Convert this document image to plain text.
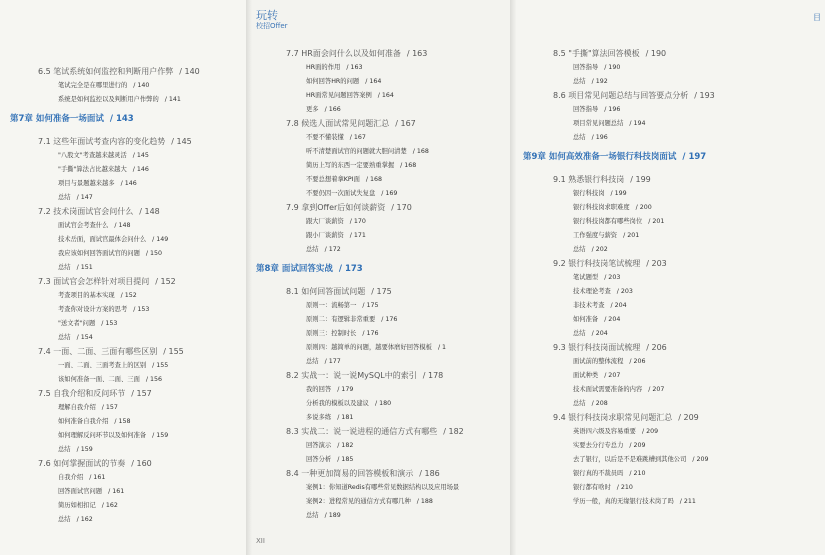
6.5 笔试系统如何监控和判断用户作弊 / 140
笔试完全是在哪里进行的 / 140
系统是如何监控以及判断用户作弊的 / 141
第7章 如何准备一场面试 / 143
7.1 这些年面试考查内容的变化趋势 / 145
"八股文"考查越来越灵活 / 145
"手撕"算法占比越来越大 / 146
项目与景题越来越多 / 146
总结 / 147
7.2 技术岗面试官会问什么 / 148
面试官会考查什么 / 148
技术岳面，面试官最体会问什么 / 149
我应该如何回答面试官的问题 / 150
总结 / 151
7.3 面试官会怎样针对项目提问 / 152
考查项目的基本实现 / 152
考查你对设计方案的思考 / 153
"送文者"问题 / 153
总结 / 154
7.4 一面、二面、三面有哪些区别 / 155
一面、二面、三面考查上的区别 / 155
该如何准备一面、二面、三面 / 156
7.5 自我介绍和反问环节 / 157
理解自我介绍 / 157
如何准备自我介绍 / 158
如何理解反问环节以及如何准备 / 159
总结 / 159
7.6 如何掌握面试的节奏 / 160
自我介绍 / 161
回答面试官问题 / 161
简历如相扣记 / 162
总结 / 162
玩转
校招Offer
XII
7.7 HR面会问什么以及如何准备 / 163
HR面的作用 / 163
如何回答HR的问题 / 164
HR面常见问题回答案例 / 164
更多 / 166
7.8 候选人面试常见问题汇总 / 167
不要不懂装懂 / 167
听不清楚面试官的问题就大胆问清楚 / 168
简历上写的东西一定要熟重掌握 / 168
不要总想着拿KPI面 / 168
不要仍因一次面试失复盘 / 169
7.9 拿到Offer后如何谈薪资 / 170
跟大厂谈薪资 / 170
跟小厂谈薪资 / 171
总结 / 172
第8章 面试回答实战 / 173
8.1 如何回答面试问题 / 175
原则一：流畅第一 / 175
原则二：有逻辑非常重要 / 176
原则三：控制时长 / 176
原则四：越简单的问题，越要体磨好回答模板 / 1
总结 / 177
8.2 实战一：说一说MySQL中的索引 / 178
我的回答 / 179
分析我的模板以及建议 / 180
多说多练 / 181
8.3 实战二：说一说进程的通信方式有哪些 / 182
回答演示 / 182
回答分析 / 185
8.4 一种更加简易的回答模板和演示 / 186
案例1：你知道Redis有哪些常见数据结构以及应用场景
案例2：进程常见的通信方式有哪几种 / 188
总结 / 189
目
8.5 "手撕"算法回答模板 / 190
回答指导 / 190
总结 / 192
8.6 项目常见问题总结与回答要点分析 / 193
回答指导 / 196
项目常见问题总结 / 194
总结 / 196
第9章 如何高效准备一场银行科技岗面试 / 197
9.1 熟悉银行科技岗 / 199
银行科技岗 / 199
银行科技岗求职难度 / 200
银行科技岗都有哪些岗位 / 201
工作强度与薪资 / 201
总结 / 202
9.2 银行科技岗笔试梳理 / 203
笔试题型 / 203
技术理论考查 / 203
非技术考查 / 204
如何准备 / 204
总结 / 204
9.3 银行科技岗面试梳理 / 206
面试前的整体流程 / 206
面试种类 / 207
技术面试需要准备的内容 / 207
总结 / 208
9.4 银行科技岗求职常见问题汇总 / 209
英语四六级及容易重要 / 209
实要去分行专总力 / 209
去了银行，以后是不是难跳槽到其他公司 / 209
银行真的不裁员吗 / 210
银行都有啥时 / 210
学历一般，真的无缘银行技术岗了吗 / 211
